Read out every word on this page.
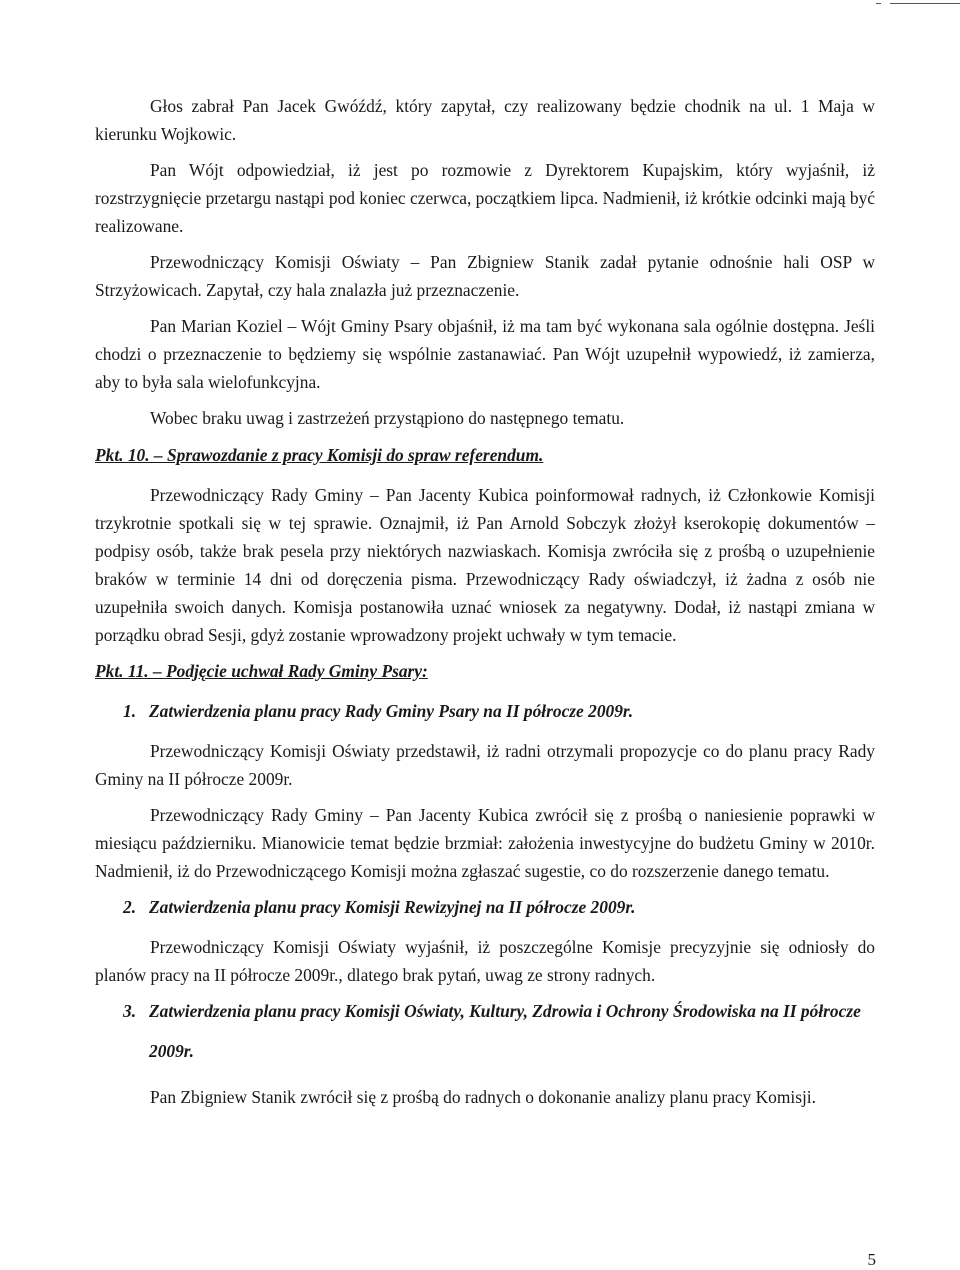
Głos zabrał Pan Jacek Gwóźdź, który zapytał, czy realizowany będzie chodnik na ul. 1 Maja w kierunku Wojkowic.

Pan Wójt odpowiedział, iż jest po rozmowie z Dyrektorem Kupajskim, który wyjaśnił, iż rozstrzygnięcie przetargu nastąpi pod koniec czerwca, początkiem lipca. Nadmienił, iż krótkie odcinki mają być realizowane.

Przewodniczący Komisji Oświaty – Pan Zbigniew Stanik zadał pytanie odnośnie hali OSP w Strzyżowicach. Zapytał, czy hala znalazła już przeznaczenie.

Pan Marian Koziel – Wójt Gminy Psary objaśnił, iż ma tam być wykonana sala ogólnie dostępna. Jeśli chodzi o przeznaczenie to będziemy się wspólnie zastanawiać. Pan Wójt uzupełnił wypowiedź, iż zamierza, aby to była sala wielofunkcyjna.

Wobec braku uwag i zastrzeżeń przystąpiono do następnego tematu.

Pkt. 10. – Sprawozdanie z pracy Komisji do spraw referendum.

Przewodniczący Rady Gminy – Pan Jacenty Kubica poinformował radnych, iż Członkowie Komisji trzykrotnie spotkali się w tej sprawie. Oznajmił, iż Pan Arnold Sobczyk złożył kserokopię dokumentów – podpisy osób, także brak pesela przy niektórych nazwiaskach. Komisja zwróciła się z prośbą o uzupełnienie braków w terminie 14 dni od doręczenia pisma. Przewodniczący Rady oświadczył, iż żadna z osób nie uzupełniła swoich danych. Komisja postanowiła uznać wniosek za negatywny. Dodał, iż nastąpi zmiana w porządku obrad Sesji, gdyż zostanie wprowadzony projekt uchwały w tym temacie.

Pkt. 11. – Podjęcie uchwał Rady Gminy Psary:
1. Zatwierdzenia planu pracy Rady Gminy Psary na II półrocze 2009r.

Przewodniczący Komisji Oświaty przedstawił, iż radni otrzymali propozycje co do planu pracy Rady Gminy na II półrocze 2009r.

Przewodniczący Rady Gminy – Pan Jacenty Kubica zwrócił się z prośbą o naniesienie poprawki w miesiącu październiku. Mianowicie temat będzie brzmiał: założenia inwestycyjne do budżetu Gminy w 2010r. Nadmienił, iż do Przewodniczącego Komisji można zgłaszać sugestie, co do rozszerzenie danego tematu.

2. Zatwierdzenia planu pracy Komisji Rewizyjnej na II półrocze 2009r.

Przewodniczący Komisji Oświaty wyjaśnił, iż poszczególne Komisje precyzyjnie się odniosły do planów pracy na II półrocze 2009r., dlatego brak pytań, uwag ze strony radnych.

3. Zatwierdzenia planu pracy Komisji Oświaty, Kultury, Zdrowia i Ochrony Środowiska na II półrocze 2009r.

Pan Zbigniew Stanik zwrócił się z prośbą do radnych o dokonanie analizy planu pracy Komisji.

5
